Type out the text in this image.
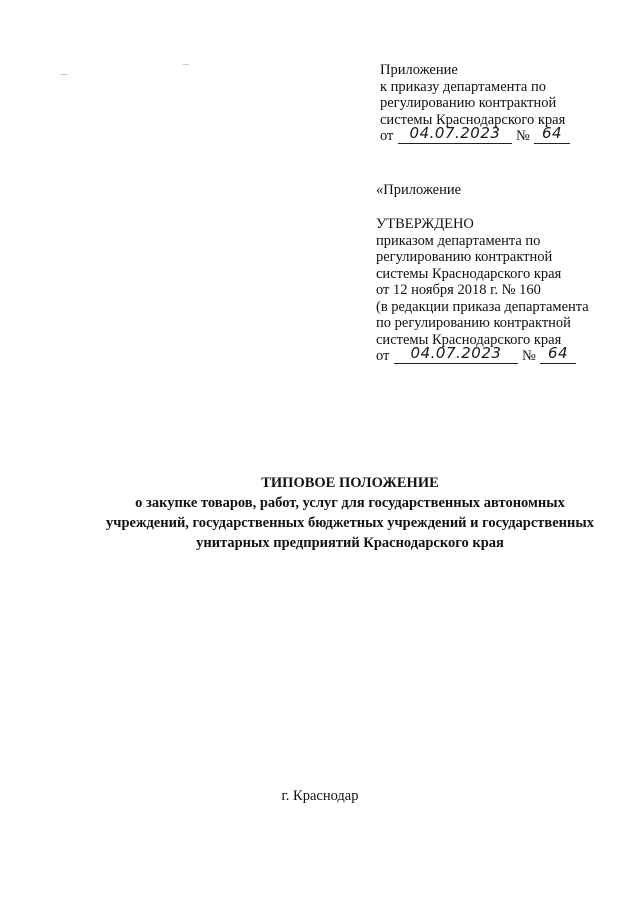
Приложение
к приказу департамента по
регулированию контрактной
системы Краснодарского края
от	04.07.2023	№ 64
«Приложение
УТВЕРЖДЕНО
приказом департамента по
регулированию контрактной
системы Краснодарского края
от 12 ноября 2018 г. № 160
(в редакции приказа департамента
по регулированию контрактной
системы Краснодарского края
от	04.07.2023	№ 64
ТИПОВОЕ ПОЛОЖЕНИЕ
о закупке товаров, работ, услуг для государственных автономных
учреждений, государственных бюджетных учреждений и государственных
унитарных предприятий Краснодарского края
г. Краснодар
